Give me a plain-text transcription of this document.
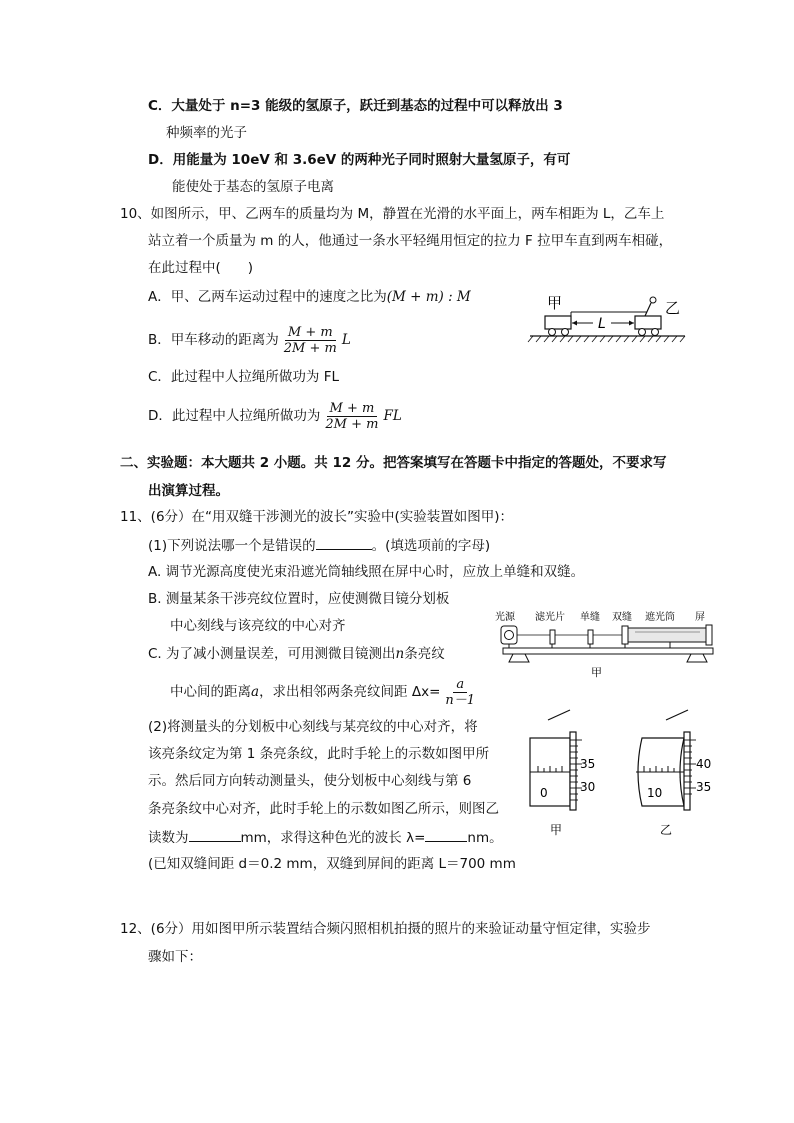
C．大量处于 n=3 能级的氢原子，跃迁到基态的过程中可以释放出 3
种频率的光子
D．用能量为 10eV 和 3.6eV 的两种光子同时照射大量氢原子，有可
能使处于基态的氢原子电离
10、如图所示，甲、乙两车的质量均为 M，静置在光滑的水平面上，两车相距为 L，乙车上
站立着一个质量为 m 的人，他通过一条水平轻绳用恒定的拉力 F 拉甲车直到两车相碰，
在此过程中(　　)
A．甲、乙两车运动过程中的速度之比为(M + m) : M
B．甲车移动的距离为 $\frac{M + m}{2M + m}$ L
C．此过程中人拉绳所做功为 FL
D．此过程中人拉绳所做功为 $\frac{M + m}{2M + m}$ FL
甲	乙
L
二、实验题：本大题共 2 小题。共 12 分。把答案填写在答题卡中指定的答题处，不要求写
出演算过程。
11、(6分）在“用双缝干涉测光的波长”实验中(实验装置如图甲)：
(1)下列说法哪一个是错误的	。(填选项前的字母)
A. 调节光源高度使光束沿遮光筒轴线照在屏中心时，应放上单缝和双缝。
B. 测量某条干涉亮纹位置时，应使测微目镜分划板
中心刻线与该亮纹的中心对齐
C. 为了减小测量误差，可用测微目镜测出n条亮纹
中心间的距离a，求出相邻两条亮纹间距 $\Delta x= \frac{a}{n-1}$
(2)将测量头的分划板中心刻线与某亮纹的中心对齐，将
该亮条纹定为第 1 条亮条纹，此时手轮上的示数如图甲所
示。然后同方向转动测量头，使分划板中心刻线与第 6
条亮条纹中心对齐，此时手轮上的示数如图乙所示，则图乙
读数为	mm，求得这种色光的波长 λ=	nm。
(已知双缝间距 d＝0.2 mm，双缝到屏间的距离 L＝700 mm
光源 滤光片 单缝 双缝 遮光筒 屏
甲
0
35
30
甲
10
40
35
乙
12、(6分）用如图甲所示装置结合频闪照相机拍摄的照片的来验证动量守恒定律，实验步
骤如下：
